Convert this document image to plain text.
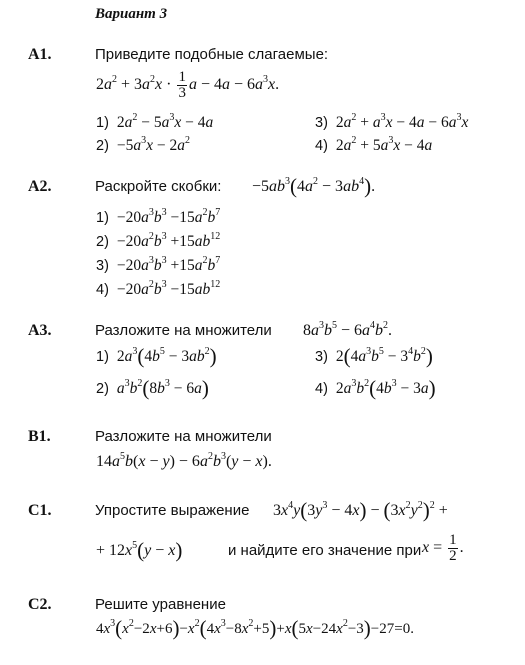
Вариант 3
А1.	Приведите подобные слагаемые:
$2a^2 + 3a^2x \cdot \frac{1}{3}$ $a - 4a - 6a^3x$.
1) $2a^2 - 5a^3x - 4a$
$2) -5a^3x - 2a^2$
3) $2a^2 + a^3x - 4a - 6a^3x$
4) $2a^2 + 5a^3x - 4a$
А2.	Раскройте скобки: $-5ab^3(4a^2 - 3ab^4)$.
$1) -20a^3b^3 -15a^2b^7$
$2) -20a^2b^3 +15ab^{12}$
$3) -20a^3b^3 +15a^2b^7$
$4) -20a^2b^3 -15ab^{12}$
А3.	Разложите на множители $8a^3b^5 - 6a^4b^2$.
1) $2a^3(4b^5 - 3ab^2)$
2) $a^3b^2(8b^3 - 6a)$
3) $2(4a^3b^5 - 3^4b^2)$
4) $2a^3b^2(4b^3 - 3a)$
В1.	Разложите на множители
$14a^5b(x - y) - 6a^2b^3(y - x)$.
С1.	Упростите выражение $3x^4y(3y^3 - 4x) - (3x^2y^2)^2$ +
+ $12x^5(y - x)$	и найдите его значение при $x = \frac{1}{2}$ .
С2.	Решите уравнение
$4x^3(x^2-2x+6)-x^2(4x^3-8x^2+5)+x(5x-24x^2-3)-27=0$.
